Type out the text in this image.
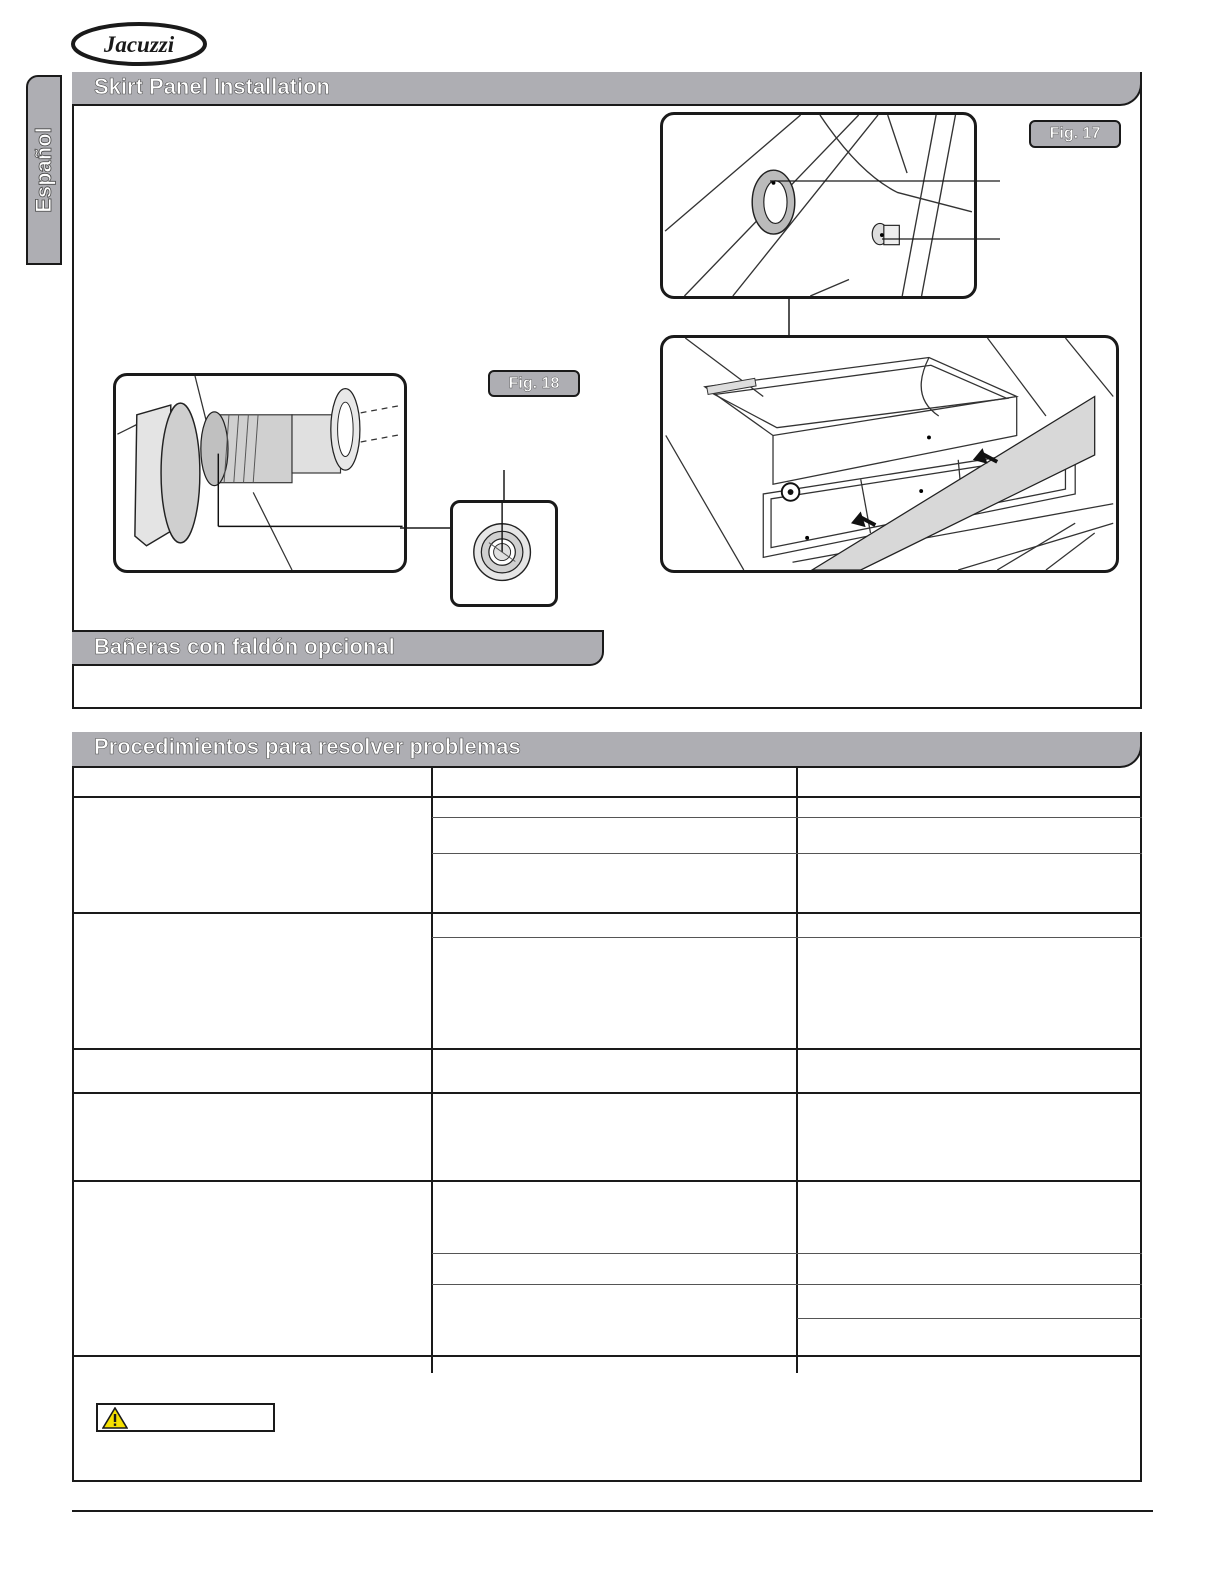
Jacuzzi
Español
Skirt Panel Installation
Fig. 17
Fig. 18
Bañeras con faldón opcional
Procedimientos para resolver problemas
